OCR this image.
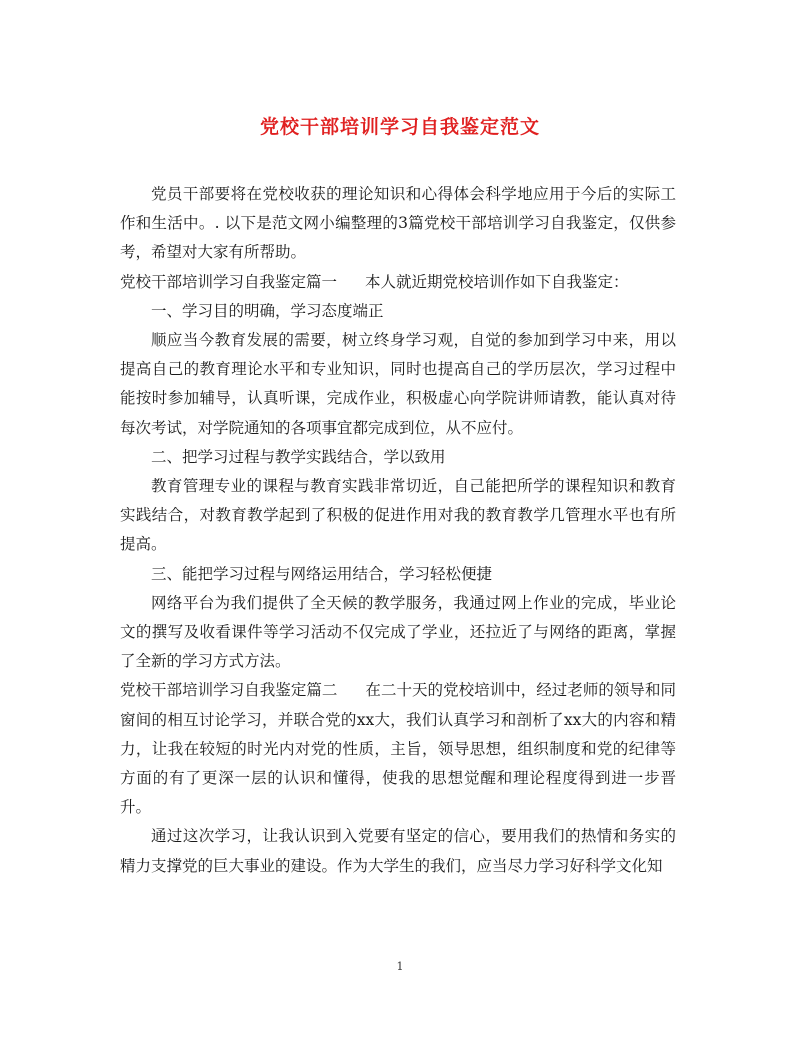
党校干部培训学习自我鉴定范文

党员干部要将在党校收获的理论知识和心得体会科学地应用于今后的实际工作和生活中。. 以下是范文网小编整理的3篇党校干部培训学习自我鉴定，仅供参考，希望对大家有所帮助。

党校干部培训学习自我鉴定篇一 本人就近期党校培训作如下自我鉴定：

一、学习目的明确，学习态度端正

顺应当今教育发展的需要，树立终身学习观，自觉的参加到学习中来，用以提高自己的教育理论水平和专业知识，同时也提高自己的学历层次，学习过程中能按时参加辅导，认真听课，完成作业，积极虚心向学院讲师请教，能认真对待每次考试，对学院通知的各项事宜都完成到位，从不应付。

二、把学习过程与教学实践结合，学以致用

教育管理专业的课程与教育实践非常切近，自己能把所学的课程知识和教育实践结合，对教育教学起到了积极的促进作用对我的教育教学几管理水平也有所提高。

三、能把学习过程与网络运用结合，学习轻松便捷

网络平台为我们提供了全天候的教学服务，我通过网上作业的完成，毕业论文的撰写及收看课件等学习活动不仅完成了学业，还拉近了与网络的距离，掌握了全新的学习方式方法。

党校干部培训学习自我鉴定篇二 在二十天的党校培训中，经过老师的领导和同窗间的相互讨论学习，并联合党的xx大，我们认真学习和剖析了xx大的内容和精力，让我在较短的时光内对党的性质，主旨，领导思想，组织制度和党的纪律等方面的有了更深一层的认识和懂得，使我的思想觉醒和理论程度得到进一步晋升。

通过这次学习，让我认识到入党要有坚定的信心，要用我们的热情和务实的精力支撑党的巨大事业的建设。作为大学生的我们，应当尽力学习好科学文化知

1
